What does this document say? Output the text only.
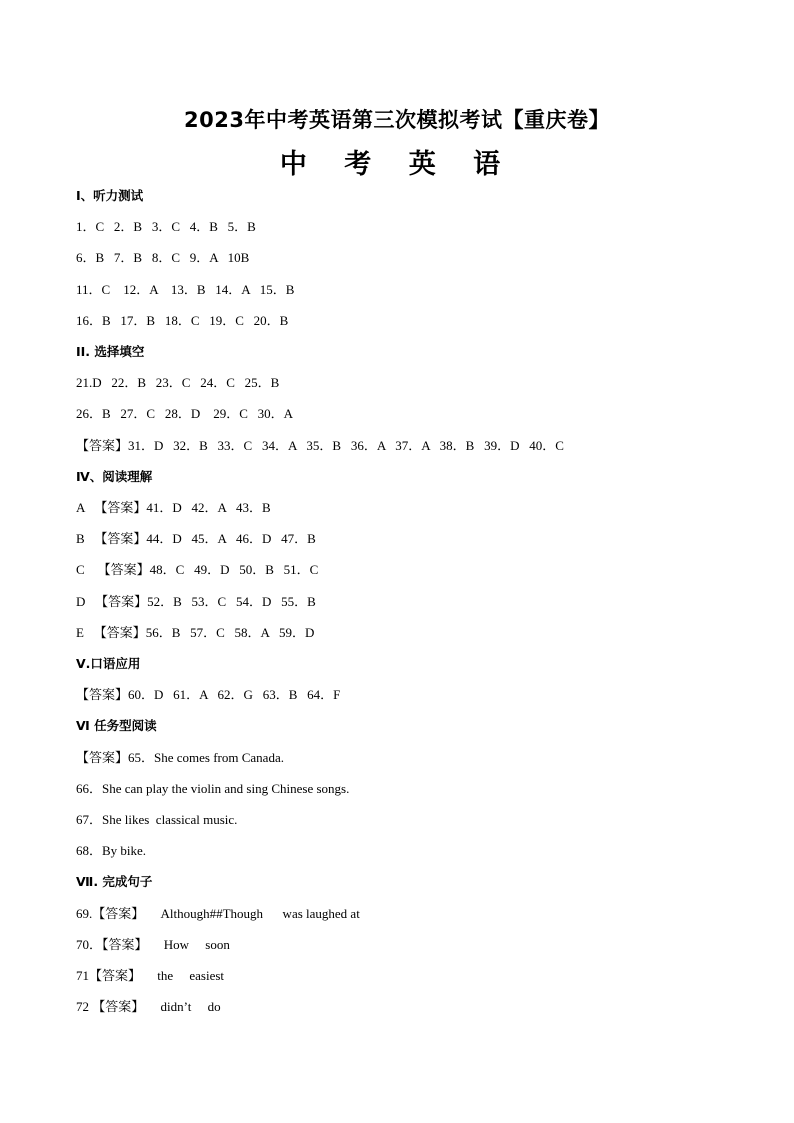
2023年中考英语第三次模拟考试【重庆卷】
中 考 英 语
Ⅰ、听力测试
1．C   2．B   3．C   4．B   5．B
6．B   7．B   8．C   9．A   10B
11．C    12．A    13．B   14．A   15．B
16．B   17．B   18．C   19．C   20．B
II. 选择填空
21.D   22．B   23．C   24．C   25．B
26．B   27．C   28．D    29．C   30．A
【答案】31．D   32．B   33．C   34．A   35．B   36．A   37．A   38．B   39．D   40．C
Ⅳ、阅读理解
A   【答案】41．D   42．A   43．B
B   【答案】44．D   45．A   46．D   47．B
C    【答案】48．C   49．D   50．B   51．C
D   【答案】52．B   53．C   54．D   55．B
E   【答案】56．B   57．C   58．A   59．D
Ⅴ.口语应用
【答案】60．D   61．A   62．G   63．B   64．F
Ⅵ 任务型阅读
【答案】65．She comes from Canada.
66．She can play the violin and sing Chinese songs.
67．She likes  classical music.
68．By bike.
Ⅶ. 完成句子
69.【答案】     Although##Though      was laughed at
70．【答案】     How     soon
71【答案】     the     easiest
72 【答案】     didn’t     do
